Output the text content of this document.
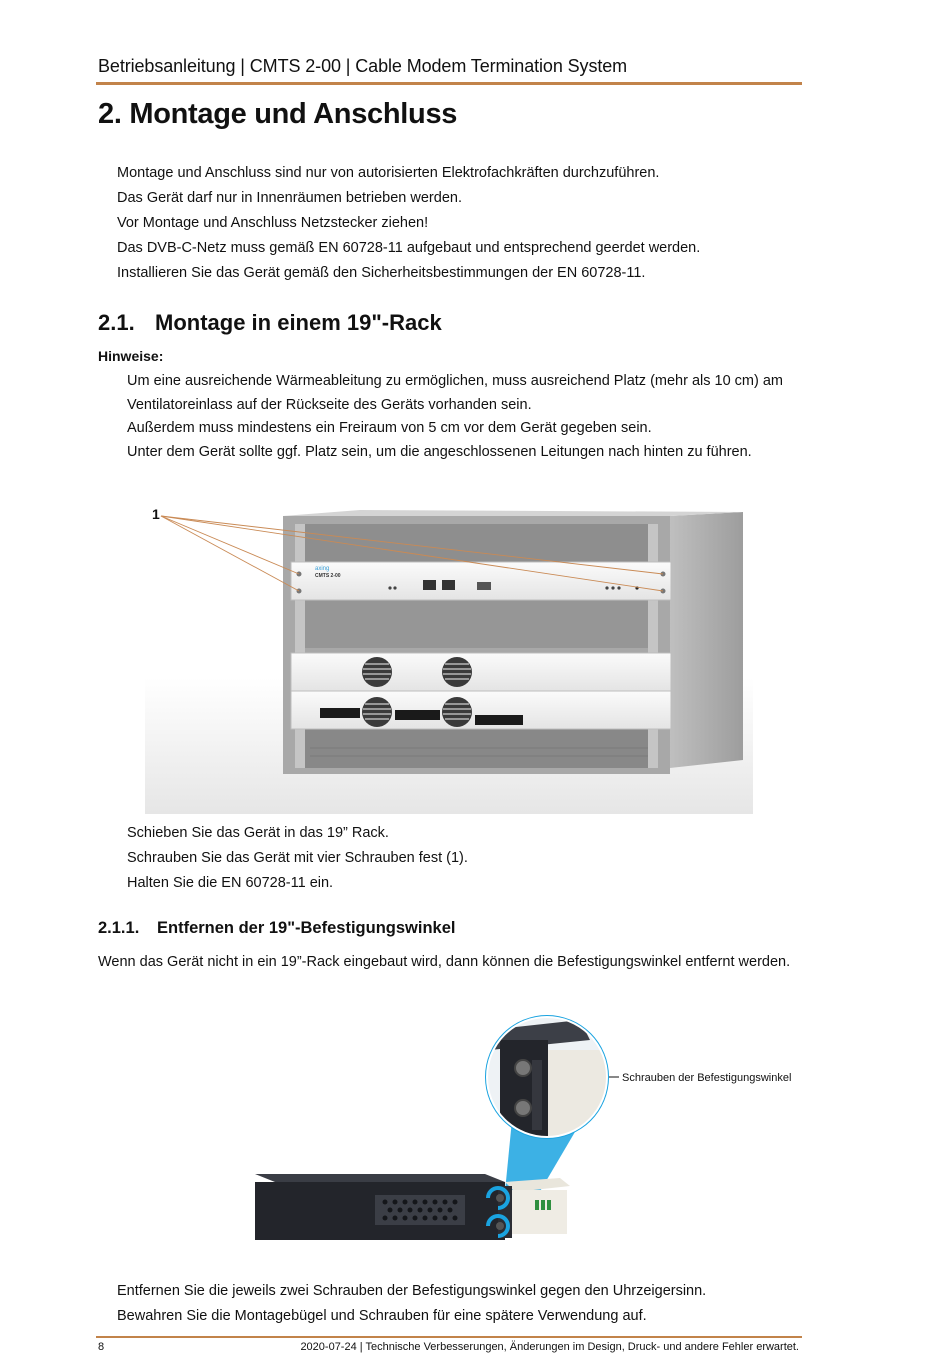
Betriebsanleitung | CMTS 2-00 | Cable Modem Termination System
2. Montage und Anschluss
Montage und Anschluss sind nur von autorisierten Elektrofachkräften durchzuführen.
Das Gerät darf nur in Innenräumen betrieben werden.
Vor Montage und Anschluss Netzstecker ziehen!
Das DVB-C-Netz muss gemäß EN 60728-11 aufgebaut und entsprechend geerdet werden.
Installieren Sie das Gerät gemäß den Sicherheitsbestimmungen der EN 60728-11.
2.1. Montage in einem 19"-Rack
Hinweise:
Um eine ausreichende Wärmeableitung zu ermöglichen, muss ausreichend Platz (mehr als 10 cm) am
Ventilatoreinlass auf der Rückseite des Geräts vorhanden sein.
Außerdem muss mindestens ein Freiraum von 5 cm vor dem Gerät gegeben sein.
Unter dem Gerät sollte ggf. Platz sein, um die angeschlossenen Leitungen nach hinten zu führen.
axing
CMTS 2-00
1
Schieben Sie das Gerät in das 19” Rack.
Schrauben Sie das Gerät mit vier Schrauben fest (1).
Halten Sie die EN 60728-11 ein.
2.1.1. Entfernen der 19"-Befestigungswinkel
Wenn das Gerät nicht in ein 19”-Rack eingebaut wird, dann können die Befestigungswinkel entfernt werden.
Schrauben der Befestigungswinkel
Entfernen Sie die jeweils zwei Schrauben der Befestigungswinkel gegen den Uhrzeigersinn.
Bewahren Sie die Montagebügel und Schrauben für eine spätere Verwendung auf.
8	2020-07-24 | Technische Verbesserungen, Änderungen im Design, Druck- und andere Fehler erwartet.
